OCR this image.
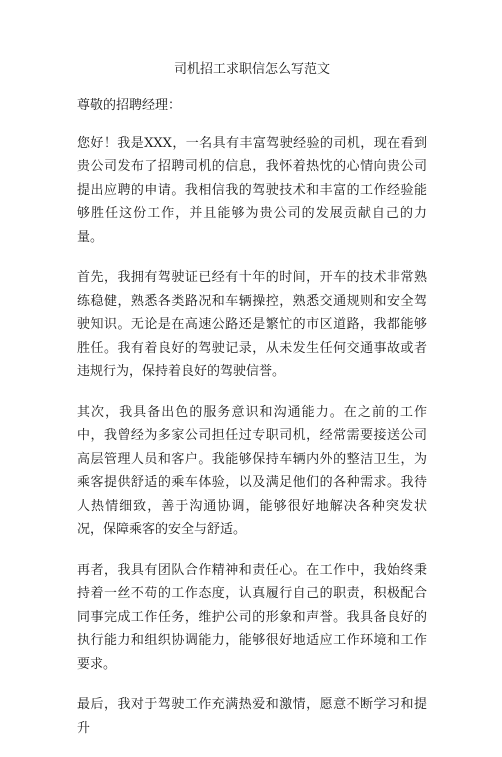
司机招工求职信怎么写范文
尊敬的招聘经理：
您好！我是XXX，一名具有丰富驾驶经验的司机，现在看到贵公司发布了招聘司机的信息，我怀着热忱的心情向贵公司提出应聘的申请。我相信我的驾驶技术和丰富的工作经验能够胜任这份工作，并且能够为贵公司的发展贡献自己的力量。
首先，我拥有驾驶证已经有十年的时间，开车的技术非常熟练稳健，熟悉各类路况和车辆操控，熟悉交通规则和安全驾驶知识。无论是在高速公路还是繁忙的市区道路，我都能够胜任。我有着良好的驾驶记录，从未发生任何交通事故或者违规行为，保持着良好的驾驶信誉。
其次，我具备出色的服务意识和沟通能力。在之前的工作中，我曾经为多家公司担任过专职司机，经常需要接送公司高层管理人员和客户。我能够保持车辆内外的整洁卫生，为乘客提供舒适的乘车体验，以及满足他们的各种需求。我待人热情细致，善于沟通协调，能够很好地解决各种突发状况，保障乘客的安全与舒适。
再者，我具有团队合作精神和责任心。在工作中，我始终秉持着一丝不苟的工作态度，认真履行自己的职责，积极配合同事完成工作任务，维护公司的形象和声誉。我具备良好的执行能力和组织协调能力，能够很好地适应工作环境和工作要求。
最后，我对于驾驶工作充满热爱和激情，愿意不断学习和提升
